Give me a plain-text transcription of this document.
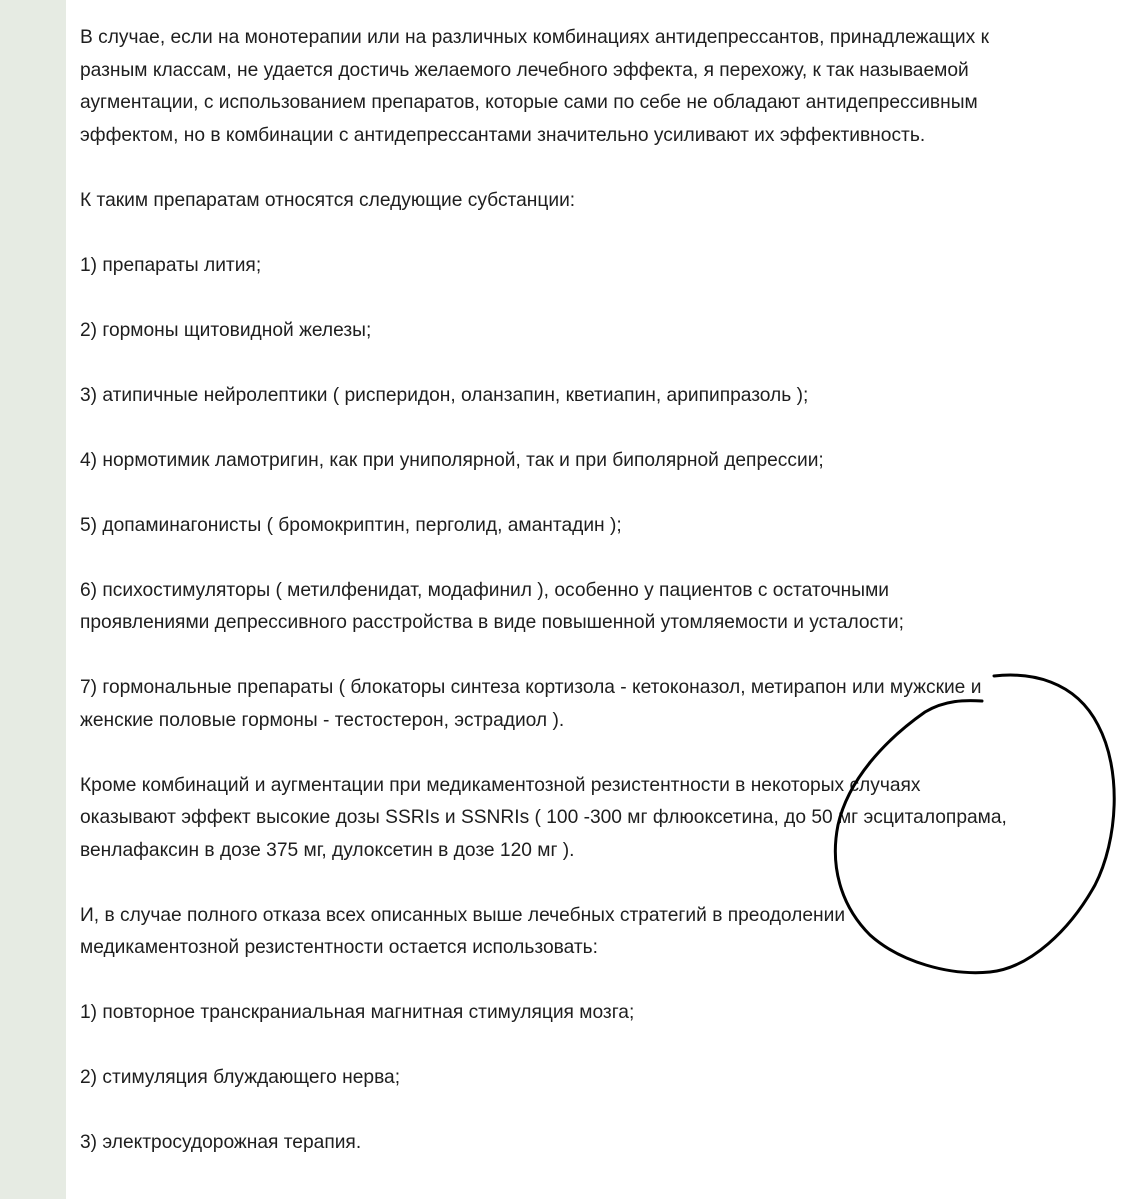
В случае, если на монотерапии или на различных комбинациях антидепрессантов, принадлежащих к
разным классам, не удается достичь желаемого лечебного эффекта, я перехожу, к так называемой
аугментации, с использованием препаратов, которые сами по себе не обладают антидепрессивным
эффектом, но в комбинации с антидепрессантами значительно усиливают их эффективность.

К таким препаратам относятся следующие субстанции:

1) препараты лития;

2) гормоны щитовидной железы;

3) атипичные нейролептики ( рисперидон, оланзапин, кветиапин, арипипразоль );

4) нормотимик ламотригин, как при униполярной, так и при биполярной депрессии;

5) допаминагонисты ( бромокриптин, перголид, амантадин );

6) психостимуляторы ( метилфенидат, модафинил ), особенно у пациентов с остаточными
проявлениями депрессивного расстройства в виде повышенной утомляемости и усталости;

7) гормональные препараты ( блокаторы синтеза кортизола - кетоконазол, метирапон или мужские и
женские половые гормоны - тестостерон, эстрадиол ).

Кроме комбинаций и аугментации при медикаментозной резистентности в некоторых случаях
оказывают эффект высокие дозы SSRIs и SSNRIs ( 100 -300 мг флюоксетина, до 50 мг эсциталопрама,
венлафаксин в дозе 375 мг, дулоксетин в дозе 120 мг ).

И, в случае полного отказа всех описанных выше лечебных стратегий в преодолении
медикаментозной резистентности остается использовать:

1) повторное транскраниальная магнитная стимуляция мозга;

2) стимуляция блуждающего нерва;

3) электросудорожная терапия.
